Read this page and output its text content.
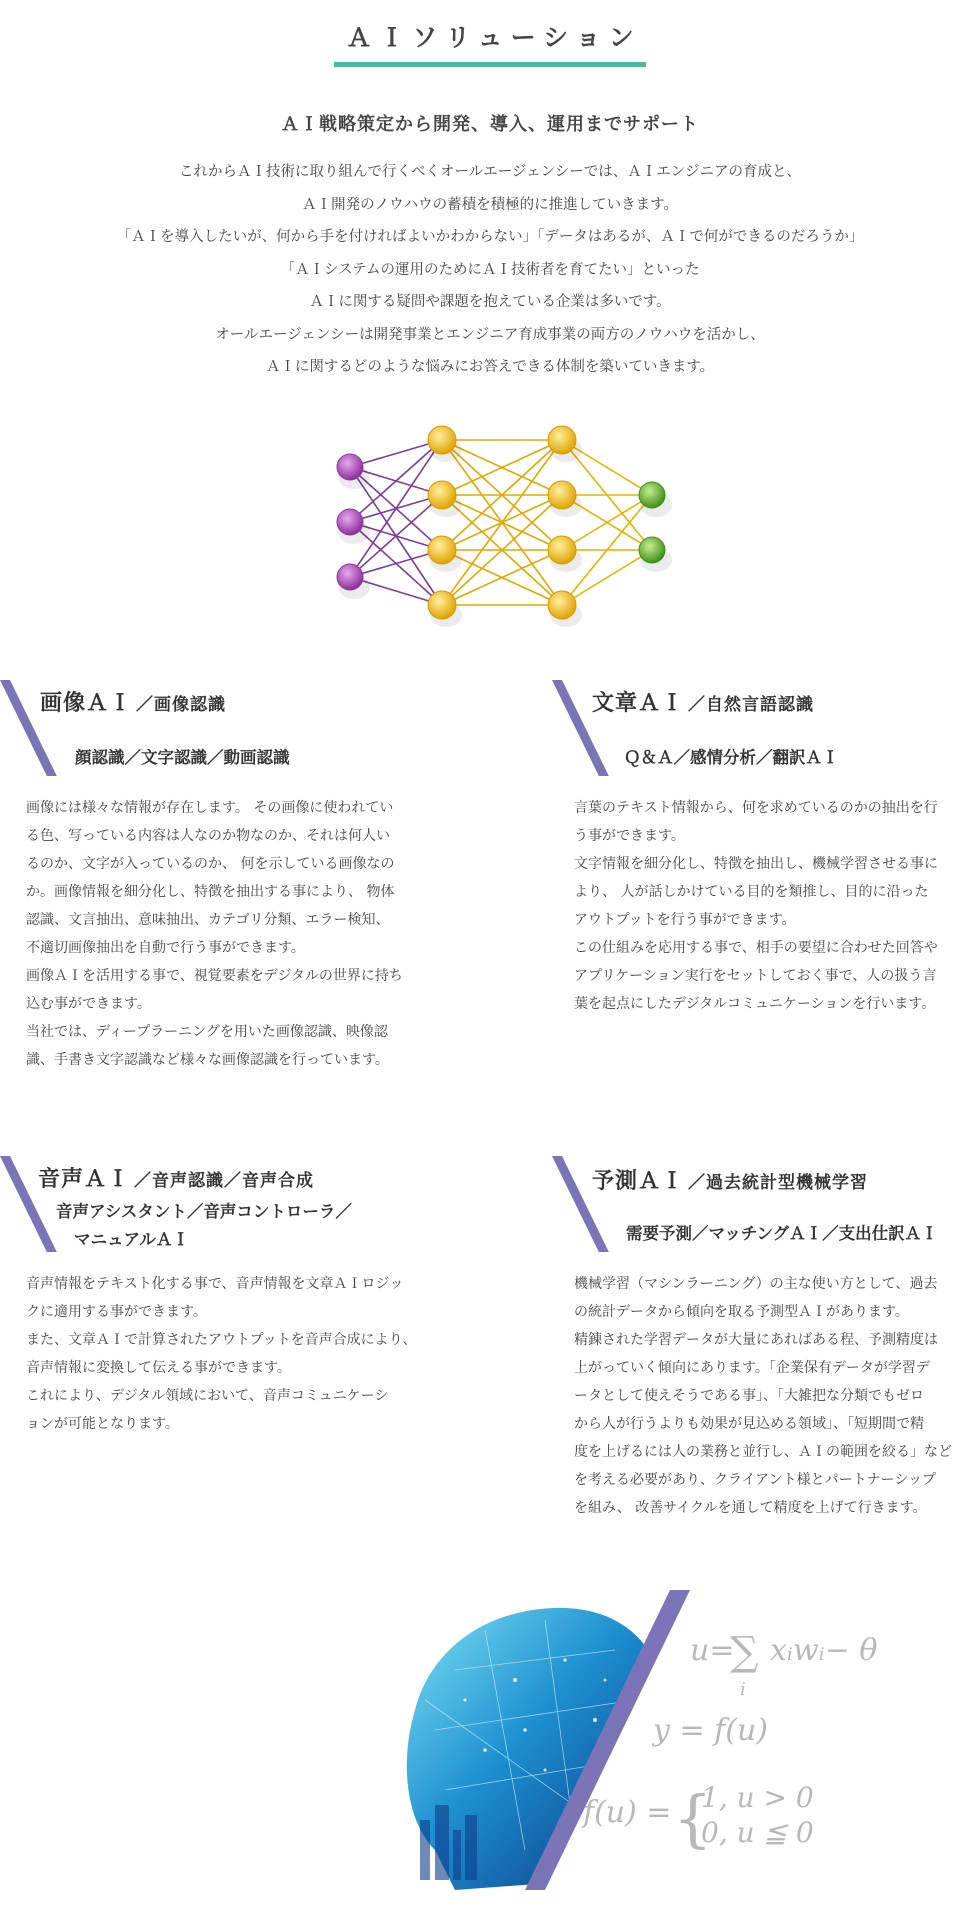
ＡＩソリューション
ＡＩ戦略策定から開発、導入、運用までサポート

これからＡＩ技術に取り組んで行くべくオールエージェンシーでは、ＡＩエンジニアの育成と、

ＡＩ開発のノウハウの蓄積を積極的に推進していきます。

「ＡＩを導入したいが、何から手を付ければよいかわからない」「データはあるが、ＡＩで何ができるのだろうか」

「ＡＩシステムの運用のためにＡＩ技術者を育てたい」といった

ＡＩに関する疑問や課題を抱えている企業は多いです。

オールエージェンシーは開発事業とエンジニア育成事業の両方のノウハウを活かし、

ＡＩに関するどのような悩みにお答えできる体制を築いていきます。

画像ＡＩ ／画像認識
顔認識／文字認識／動画認識

画像には様々な情報が存在します。 その画像に使われてい

る色、写っている内容は人なのか物なのか、それは何人い

るのか、文字が入っているのか、 何を示している画像なの

か。画像情報を細分化し、特徴を抽出する事により、 物体

認識、文言抽出、意味抽出、カテゴリ分類、エラー検知、

不適切画像抽出を自動で行う事ができます。

画像ＡＩを活用する事で、視覚要素をデジタルの世界に持ち

込む事ができます。

当社では、ディープラーニングを用いた画像認識、映像認

識、手書き文字認識など様々な画像認識を行っています。

文章ＡＩ ／自然言語認識
Ｑ＆Ａ／感情分析／翻訳ＡＩ

言葉のテキスト情報から、何を求めているのかの抽出を行

う事ができます。

文字情報を細分化し、特徴を抽出し、機械学習させる事に

より、 人が話しかけている目的を類推し、目的に沿った

アウトプットを行う事ができます。

この仕組みを応用する事で、相手の要望に合わせた回答や

アプリケーション実行をセットしておく事で、人の扱う言

葉を起点にしたデジタルコミュニケーションを行います。

音声ＡＩ ／音声認識／音声合成
音声アシスタント／音声コントローラ／
マニュアルＡＩ

音声情報をテキスト化する事で、音声情報を文章ＡＩロジッ

クに適用する事ができます。

また、文章ＡＩで計算されたアウトプットを音声合成により、

音声情報に変換して伝える事ができます。

これにより、デジタル領域において、音声コミュニケーシ

ョンが可能となります。

予測ＡＩ ／過去統計型機械学習
需要予測／マッチングＡＩ／支出仕訳ＡＩ

機械学習（マシンラーニング）の主な使い方として、過去

の統計データから傾向を取る予測型ＡＩがあります。

精錬された学習データが大量にあればある程、予測精度は

上がっていく傾向にあります。「企業保有データが学習デ

ータとして使えそうである事」、「大雑把な分類でもゼロ

から人が行うよりも効果が見込める領域」、「短期間で精

度を上げるには人の業務と並行し、ＡＩの範囲を絞る」など

を考える必要があり、クライアント様とパートナーシップ

を組み、 改善サイクルを通して精度を上げて行きます。

u=
∑
i
xᵢwᵢ− θ
y = f(u)
f(u) = {
1, u > 0
0, u ≦ 0
